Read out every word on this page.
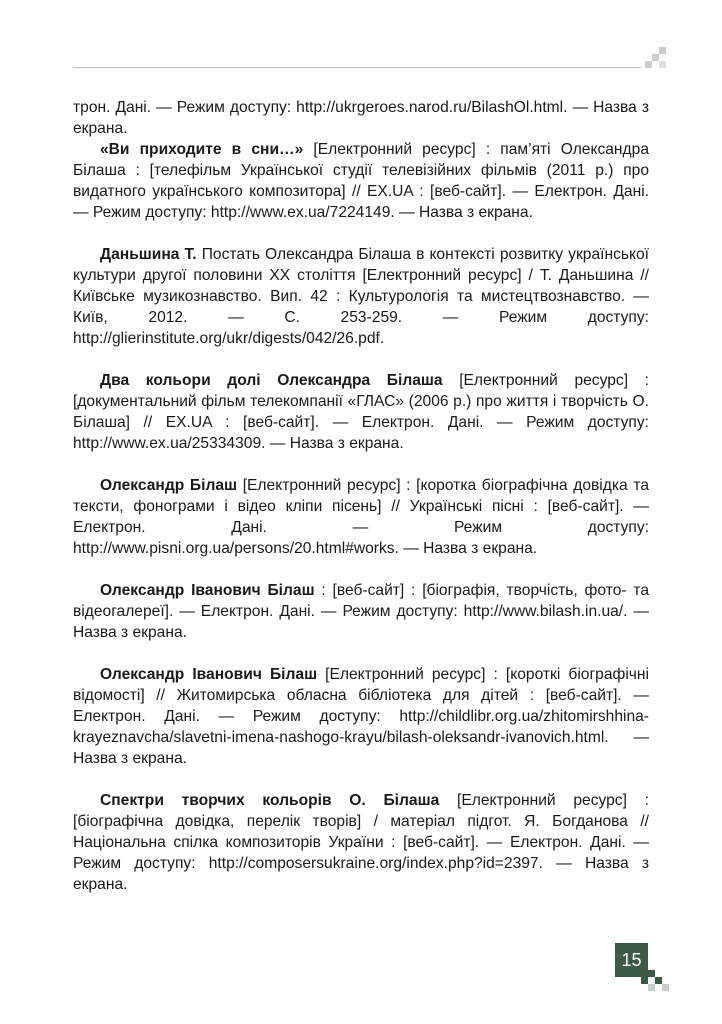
трон. Дані. — Режим доступу: http://ukrgeroes.narod.ru/BilashOl.html. — Назва з екрана.

«Ви приходите в сни…» [Електронний ресурс] : пам’яті Олександра Білаша : [телефільм Української студії телевізійних фільмів (2011 р.) про видатного українського композитора] // EX.UA : [веб-сайт]. — Електрон. Дані. — Режим доступу: http://www.ex.ua/7224149. — Назва з екрана.

Даньшина Т. Постать Олександра Білаша в контексті розвитку української культури другої половини ХХ століття [Електронний ресурс] / Т. Даньшина // Київське музикознавство. Вип. 42 : Культурологія та мистецтвознавство. — Київ, 2012. — С. 253-259. — Режим доступу: http://glierinstitute.org/ukr/digests/042/26.pdf.

Два кольори долі Олександра Білаша [Електронний ресурс] : [документальний фільм телекомпанії «ГЛАС» (2006 р.) про життя і творчість О. Білаша] // EX.UA : [веб-сайт]. — Електрон. Дані. — Режим доступу: http://www.ex.ua/25334309. — Назва з екрана.

Олександр Білаш [Електронний ресурс] : [коротка біографічна довідка та тексти, фонограми і відео кліпи пісень] // Українські пісні : [веб-сайт]. — Електрон. Дані. — Режим доступу: http://www.pisni.org.ua/persons/20.html#works. — Назва з екрана.

Олександр Іванович Білаш : [веб-сайт] : [біографія, творчість, фото- та відеогалереї]. — Електрон. Дані. — Режим доступу: http://www.bilash.in.ua/. — Назва з екрана.

Олександр Іванович Білаш [Електронний ресурс] : [короткі біографічні відомості] // Житомирська обласна бібліотека для дітей : [веб-сайт]. — Електрон. Дані. — Режим доступу: http://childlibr.org.ua/zhitomirshhina-krayeznavcha/slavetni-imena-nashogo-krayu/bilash-oleksandr-ivanovich.html. — Назва з екрана.

Спектри творчих кольорів О. Білаша [Електронний ресурс] : [біографічна довідка, перелік творів] / матеріал підгот. Я. Богданова // Національна спілка композиторів України : [веб-сайт]. — Електрон. Дані. — Режим доступу: http://composersukraine.org/index.php?id=2397. — Назва з екрана.

15
